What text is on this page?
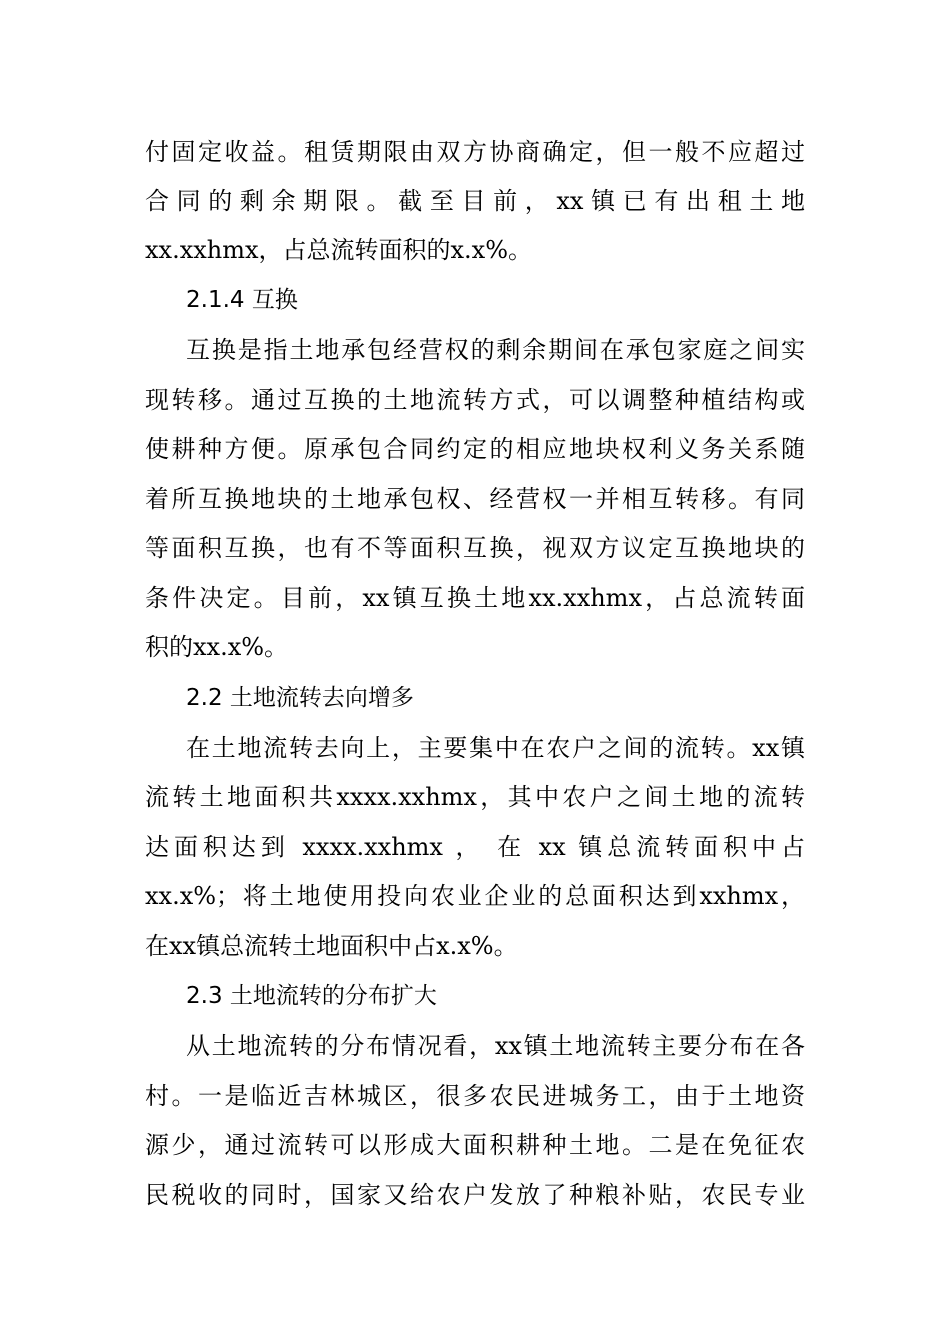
付固定收益。租赁期限由双方协商确定，但一般不应超过
合同的剩余期限。截至目前，xx镇已有出租土地
xx.xxhmx，占总流转面积的x.x%。
2.1.4 互换
互换是指土地承包经营权的剩余期间在承包家庭之间实
现转移。通过互换的土地流转方式，可以调整种植结构或
使耕种方便。原承包合同约定的相应地块权利义务关系随
着所互换地块的土地承包权、经营权一并相互转移。有同
等面积互换，也有不等面积互换，视双方议定互换地块的
条件决定。目前，xx镇互换土地xx.xxhmx，占总流转面
积的xx.x%。
2.2 土地流转去向增多
在土地流转去向上，主要集中在农户之间的流转。xx镇
流转土地面积共xxxx.xxhmx，其中农户之间土地的流转
达面积达到 xxxx.xxhmx ， 在 xx 镇总流转面积中占
xx.x%；将土地使用投向农业企业的总面积达到xxhmx，
在xx镇总流转土地面积中占x.x%。
2.3 土地流转的分布扩大
从土地流转的分布情况看，xx镇土地流转主要分布在各
村。一是临近吉林城区，很多农民进城务工，由于土地资
源少，通过流转可以形成大面积耕种土地。二是在免征农
民税收的同时，国家又给农户发放了种粮补贴，农民专业
